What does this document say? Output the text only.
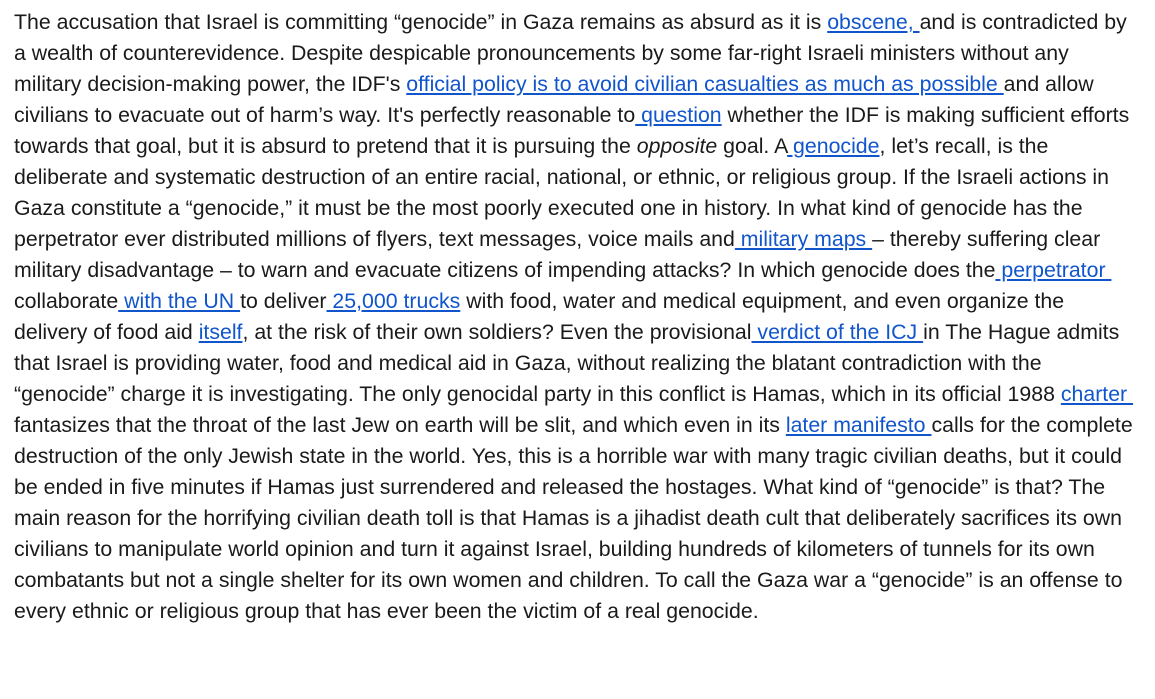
The accusation that Israel is committing “genocide” in Gaza remains as absurd as it is obscene, and is contradicted by a wealth of counterevidence. Despite despicable pronouncements by some far-right Israeli ministers without any military decision-making power, the IDF's official policy is to avoid civilian casualties as much as possible and allow civilians to evacuate out of harm’s way. It's perfectly reasonable to question whether the IDF is making sufficient efforts towards that goal, but it is absurd to pretend that it is pursuing the opposite goal. A genocide, let’s recall, is the deliberate and systematic destruction of an entire racial, national, or ethnic, or religious group. If the Israeli actions in Gaza constitute a “genocide,” it must be the most poorly executed one in history. In what kind of genocide has the perpetrator ever distributed millions of flyers, text messages, voice mails and military maps – thereby suffering clear military disadvantage – to warn and evacuate citizens of impending attacks? In which genocide does the perpetrator collaborate with the UN to deliver 25,000 trucks with food, water and medical equipment, and even organize the delivery of food aid itself, at the risk of their own soldiers? Even the provisional verdict of the ICJ in The Hague admits that Israel is providing water, food and medical aid in Gaza, without realizing the blatant contradiction with the “genocide” charge it is investigating. The only genocidal party in this conflict is Hamas, which in its official 1988 charter fantasizes that the throat of the last Jew on earth will be slit, and which even in its later manifesto calls for the complete destruction of the only Jewish state in the world. Yes, this is a horrible war with many tragic civilian deaths, but it could be ended in five minutes if Hamas just surrendered and released the hostages. What kind of “genocide” is that? The main reason for the horrifying civilian death toll is that Hamas is a jihadist death cult that deliberately sacrifices its own civilians to manipulate world opinion and turn it against Israel, building hundreds of kilometers of tunnels for its own combatants but not a single shelter for its own women and children. To call the Gaza war a “genocide” is an offense to every ethnic or religious group that has ever been the victim of a real genocide.
